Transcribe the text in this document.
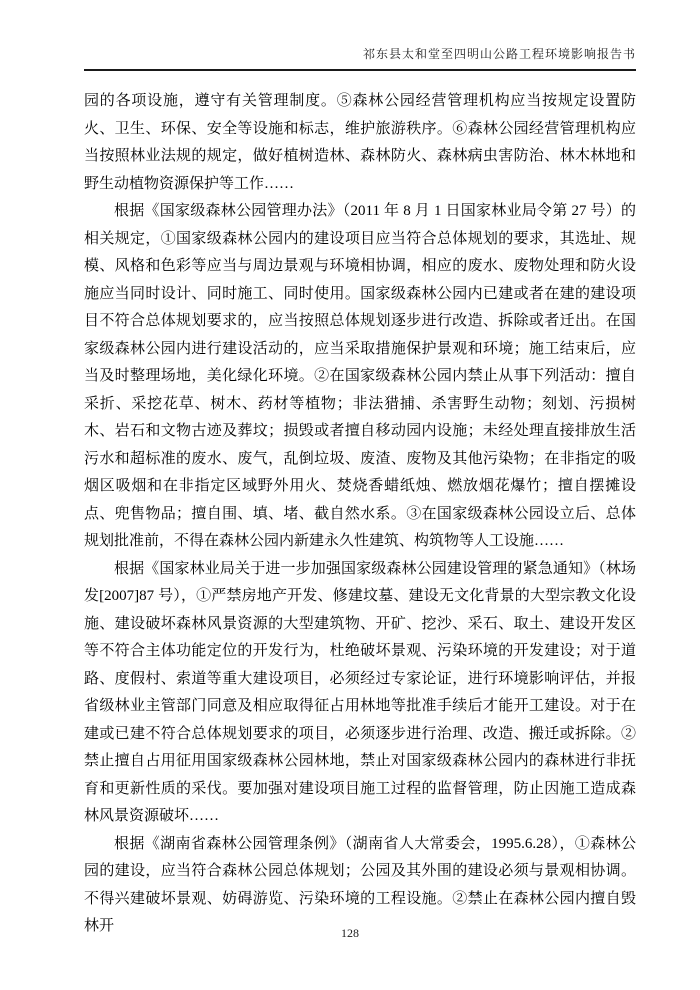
祁东县太和堂至四明山公路工程环境影响报告书

园的各项设施，遵守有关管理制度。⑤森林公园经营管理机构应当按规定设置防火、卫生、环保、安全等设施和标志，维护旅游秩序。⑥森林公园经营管理机构应当按照林业法规的规定，做好植树造林、森林防火、森林病虫害防治、林木林地和野生动植物资源保护等工作……

根据《国家级森林公园管理办法》（2011 年 8 月 1 日国家林业局令第 27 号）的相关规定，①国家级森林公园内的建设项目应当符合总体规划的要求，其选址、规模、风格和色彩等应当与周边景观与环境相协调，相应的废水、废物处理和防火设施应当同时设计、同时施工、同时使用。国家级森林公园内已建或者在建的建设项目不符合总体规划要求的，应当按照总体规划逐步进行改造、拆除或者迁出。在国家级森林公园内进行建设活动的，应当采取措施保护景观和环境；施工结束后，应当及时整理场地，美化绿化环境。②在国家级森林公园内禁止从事下列活动：擅自采折、采挖花草、树木、药材等植物；非法猎捕、杀害野生动物；刻划、污损树木、岩石和文物古迹及葬坟；损毁或者擅自移动园内设施；未经处理直接排放生活污水和超标准的废水、废气，乱倒垃圾、废渣、废物及其他污染物；在非指定的吸烟区吸烟和在非指定区域野外用火、焚烧香蜡纸烛、燃放烟花爆竹；擅自摆摊设点、兜售物品；擅自围、填、堵、截自然水系。③在国家级森林公园设立后、总体规划批准前，不得在森林公园内新建永久性建筑、构筑物等人工设施……

根据《国家林业局关于进一步加强国家级森林公园建设管理的紧急通知》（林场发[2007]87 号），①严禁房地产开发、修建坟墓、建设无文化背景的大型宗教文化设施、建设破坏森林风景资源的大型建筑物、开矿、挖沙、采石、取土、建设开发区等不符合主体功能定位的开发行为，杜绝破坏景观、污染环境的开发建设；对于道路、度假村、索道等重大建设项目，必须经过专家论证，进行环境影响评估，并报省级林业主管部门同意及相应取得征占用林地等批准手续后才能开工建设。对于在建或已建不符合总体规划要求的项目，必须逐步进行治理、改造、搬迁或拆除。②禁止擅自占用征用国家级森林公园林地，禁止对国家级森林公园内的森林进行非抚育和更新性质的采伐。要加强对建设项目施工过程的监督管理，防止因施工造成森林风景资源破坏……

根据《湖南省森林公园管理条例》（湖南省人大常委会，1995.6.28），①森林公园的建设，应当符合森林公园总体规划；公园及其外围的建设必须与景观相协调。不得兴建破坏景观、妨碍游览、污染环境的工程设施。②禁止在森林公园内擅自毁林开	128
